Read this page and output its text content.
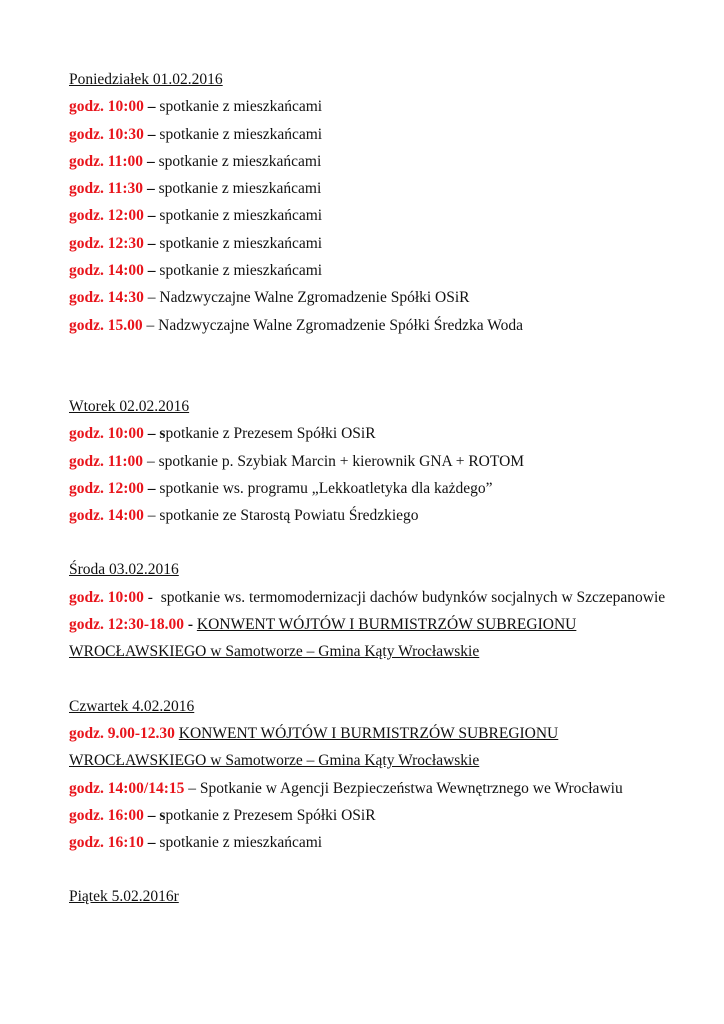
Poniedziałek 01.02.2016

godz. 10:00 – spotkanie z mieszkańcami

godz. 10:30 – spotkanie z mieszkańcami

godz. 11:00 – spotkanie z mieszkańcami

godz. 11:30 – spotkanie z mieszkańcami

godz. 12:00 – spotkanie z mieszkańcami

godz. 12:30 – spotkanie z mieszkańcami

godz. 14:00 – spotkanie z mieszkańcami

godz. 14:30 – Nadzwyczajne Walne Zgromadzenie Spółki OSiR

godz. 15.00 – Nadzwyczajne Walne Zgromadzenie Spółki Średzka Woda

Wtorek 02.02.2016

godz. 10:00 – spotkanie z Prezesem Spółki OSiR

godz. 11:00 – spotkanie p. Szybiak Marcin + kierownik GNA + ROTOM

godz. 12:00 – spotkanie ws. programu „Lekkoatletyka dla każdego”

godz. 14:00 – spotkanie ze Starostą Powiatu Średzkiego

Środa 03.02.2016

godz. 10:00 -  spotkanie ws. termomodernizacji dachów budynków socjalnych w Szczepanowie

godz. 12:30-18.00 - KONWENT WÓJTÓW I BURMISTRZÓW SUBREGIONU WROCŁAWSKIEGO w Samotworze – Gmina Kąty Wrocławskie

Czwartek 4.02.2016

godz. 9.00-12.30 KONWENT WÓJTÓW I BURMISTRZÓW SUBREGIONU WROCŁAWSKIEGO w Samotworze – Gmina Kąty Wrocławskie

godz. 14:00/14:15 – Spotkanie w Agencji Bezpieczeństwa Wewnętrznego we Wrocławiu

godz. 16:00 – spotkanie z Prezesem Spółki OSiR

godz. 16:10 – spotkanie z mieszkańcami

Piątek 5.02.2016r
